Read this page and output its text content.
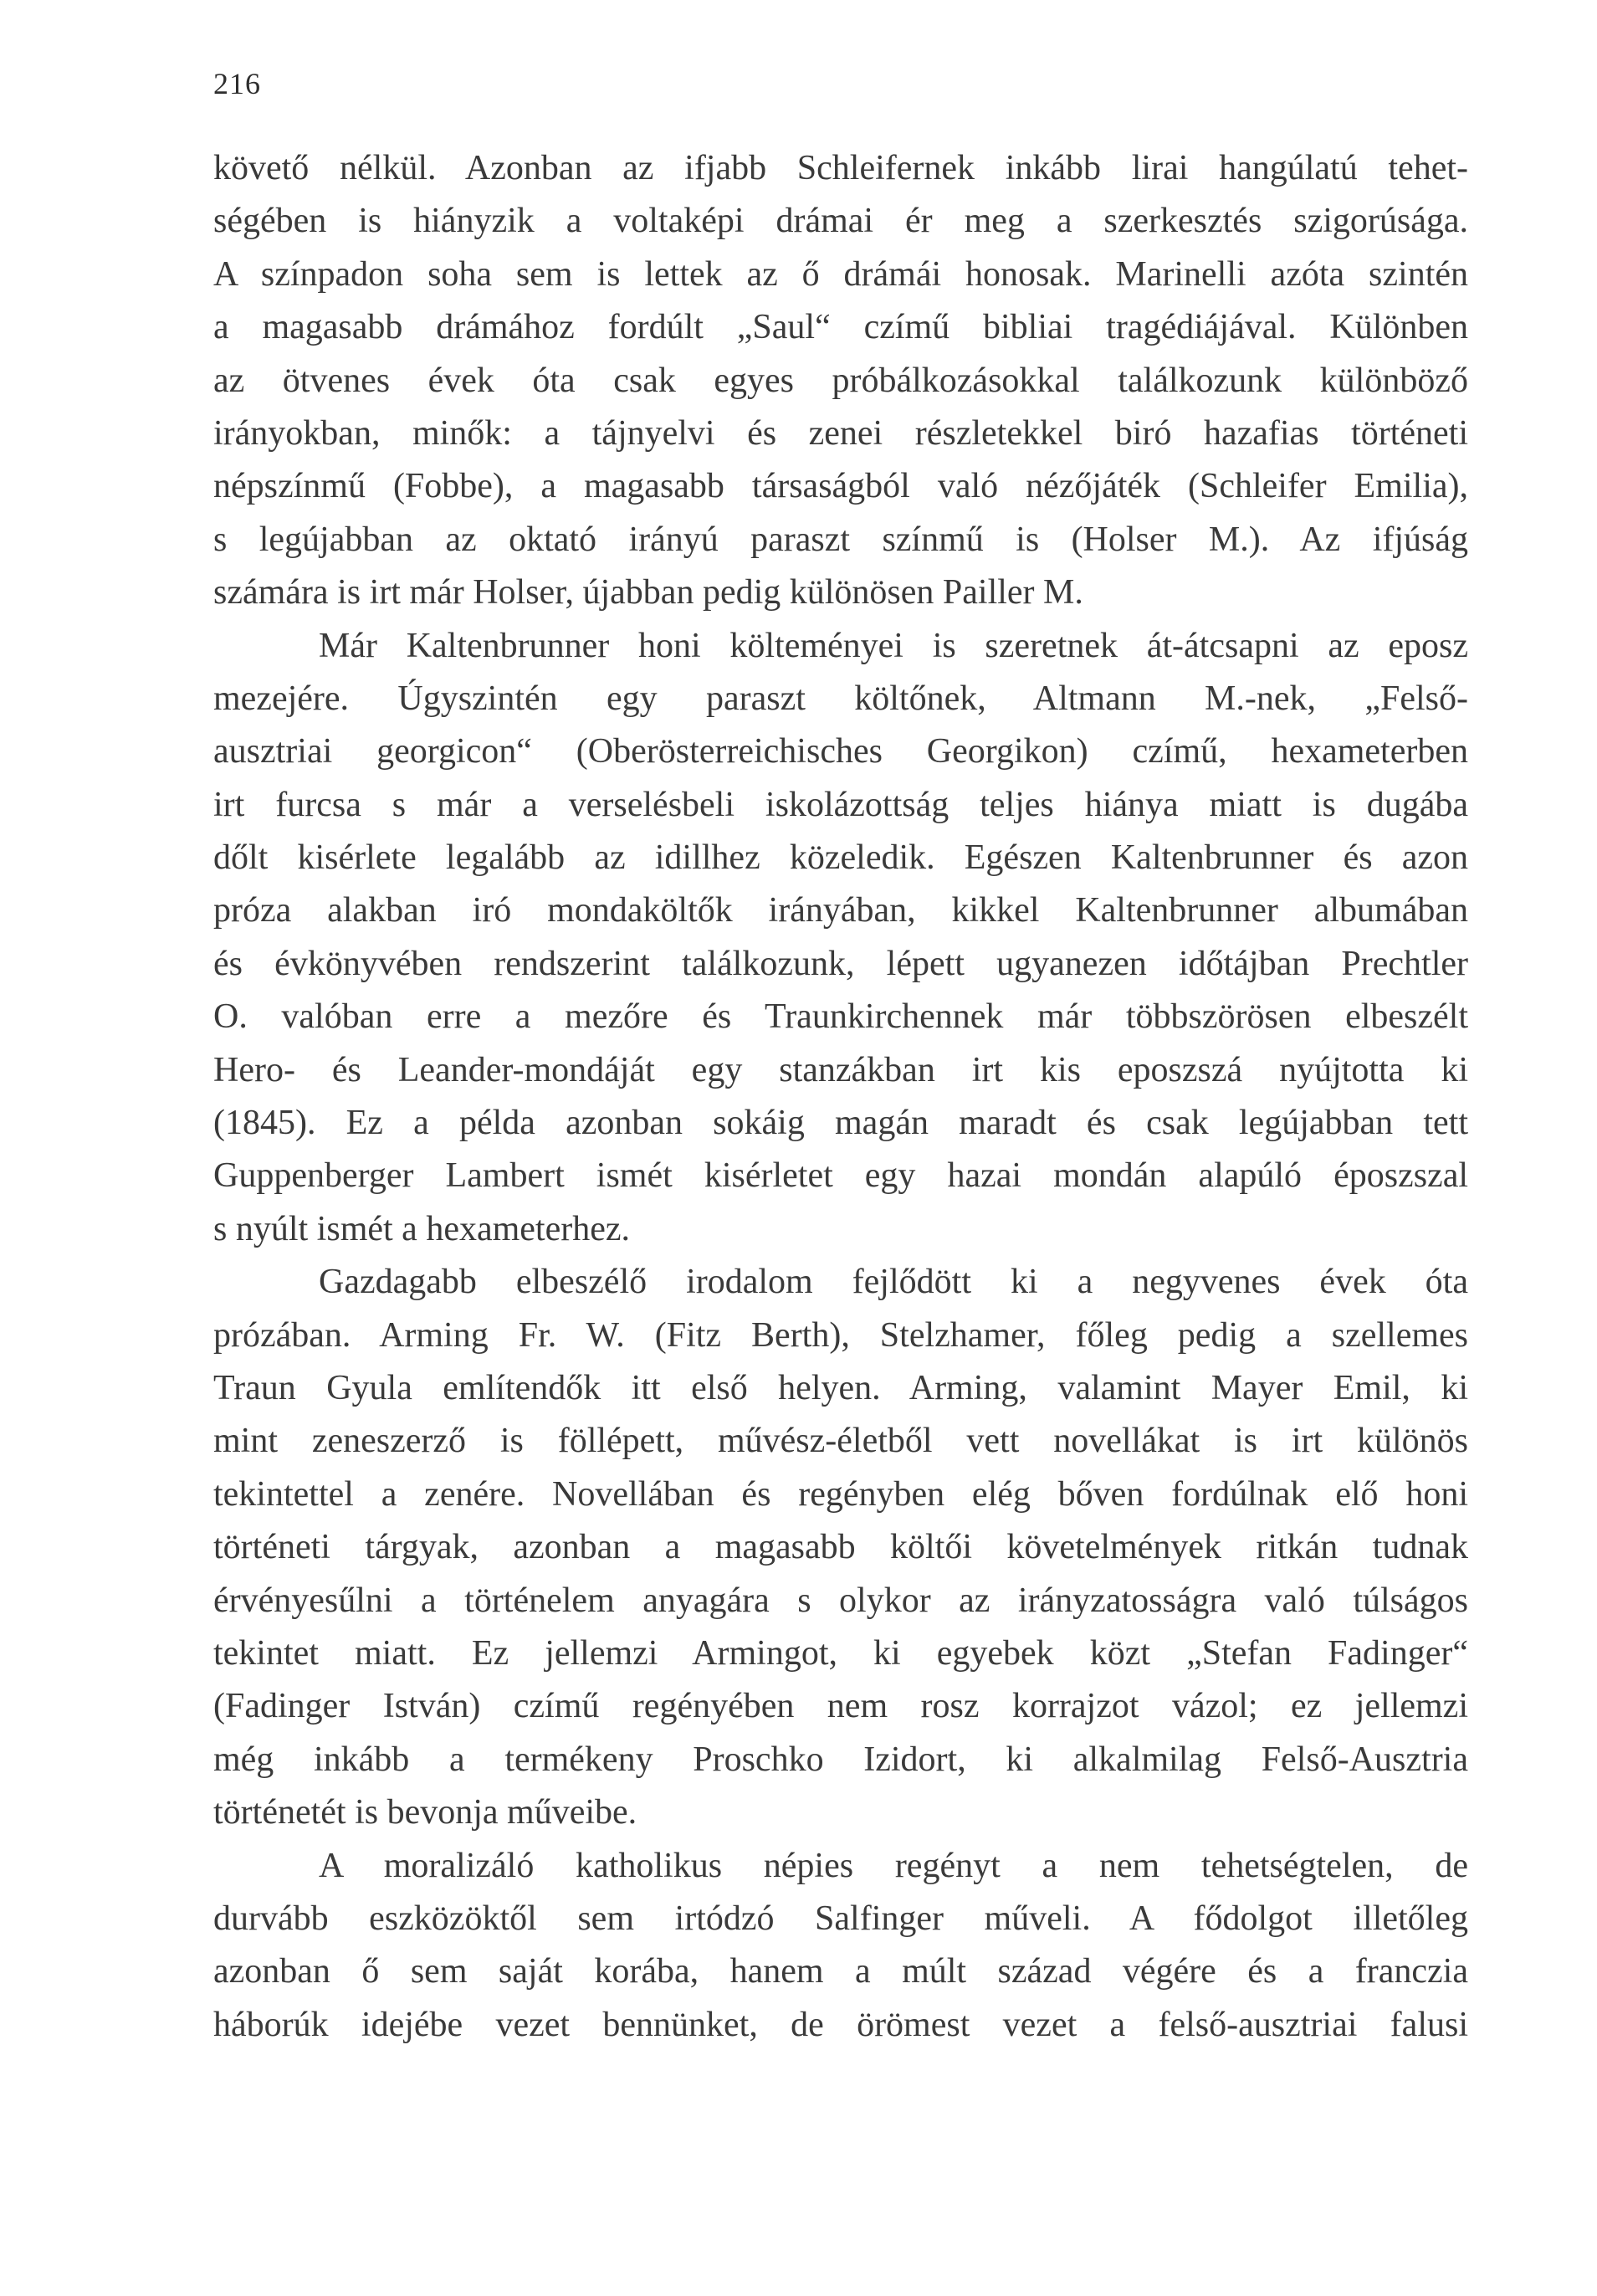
216
követő nélkül. Azonban az ifjabb Schleifernek inkább lirai hangúlatú tehet-
ségében is hiányzik a voltaképi drámai ér meg a szerkesztés szigorúsága.
A színpadon soha sem is lettek az ő drámái honosak. Marinelli azóta szintén
a magasabb drámához fordúlt „Saul“ czímű bibliai tragédiájával. Különben
az ötvenes évek óta csak egyes próbálkozásokkal találkozunk különböző
irányokban, minők: a tájnyelvi és zenei részletekkel biró hazafias történeti
népszínmű (Fobbe), a magasabb társaságból való nézőjáték (Schleifer Emilia),
s legújabban az oktató irányú paraszt színmű is (Holser M.). Az ifjúság
számára is irt már Holser, újabban pedig különösen Pailler M.
Már Kaltenbrunner honi költeményei is szeretnek át-átcsapni az eposz
mezejére. Úgyszintén egy paraszt költőnek, Altmann M.-nek, „Felső-
ausztriai georgicon“ (Oberösterreichisches Georgikon) czímű, hexameterben
irt furcsa s már a verselésbeli iskolázottság teljes hiánya miatt is dugába
dőlt kisérlete legalább az idillhez közeledik. Egészen Kaltenbrunner és azon
próza alakban iró mondaköltők irányában, kikkel Kaltenbrunner albumában
és évkönyvében rendszerint találkozunk, lépett ugyanezen időtájban Prechtler
O. valóban erre a mezőre és Traunkirchennek már többszörösen elbeszélt
Hero- és Leander-mondáját egy stanzákban irt kis eposzszá nyújtotta ki
(1845). Ez a példa azonban sokáig magán maradt és csak legújabban tett
Guppenberger Lambert ismét kisérletet egy hazai mondán alapúló époszszal
s nyúlt ismét a hexameterhez.
Gazdagabb elbeszélő irodalom fejlődött ki a negyvenes évek óta
prózában. Arming Fr. W. (Fitz Berth), Stelzhamer, főleg pedig a szellemes
Traun Gyula említendők itt első helyen. Arming, valamint Mayer Emil, ki
mint zeneszerző is föllépett, művész-életből vett novellákat is irt különös
tekintettel a zenére. Novellában és regényben elég bőven fordúlnak elő honi
történeti tárgyak, azonban a magasabb költői követelmények ritkán tudnak
érvényesűlni a történelem anyagára s olykor az irányzatosságra való túlságos
tekintet miatt. Ez jellemzi Armingot, ki egyebek közt „Stefan Fadinger“
(Fadinger István) czímű regényében nem rosz korrajzot vázol; ez jellemzi
még inkább a termékeny Proschko Izidort, ki alkalmilag Felső-Ausztria
történetét is bevonja műveibe.
A moralizáló katholikus népies regényt a nem tehetségtelen, de
durvább eszközöktől sem irtódzó Salfinger műveli. A fődolgot illetőleg
azonban ő sem saját korába, hanem a múlt század végére és a franczia
háborúk idejébe vezet bennünket, de örömest vezet a felső-ausztriai falusi
